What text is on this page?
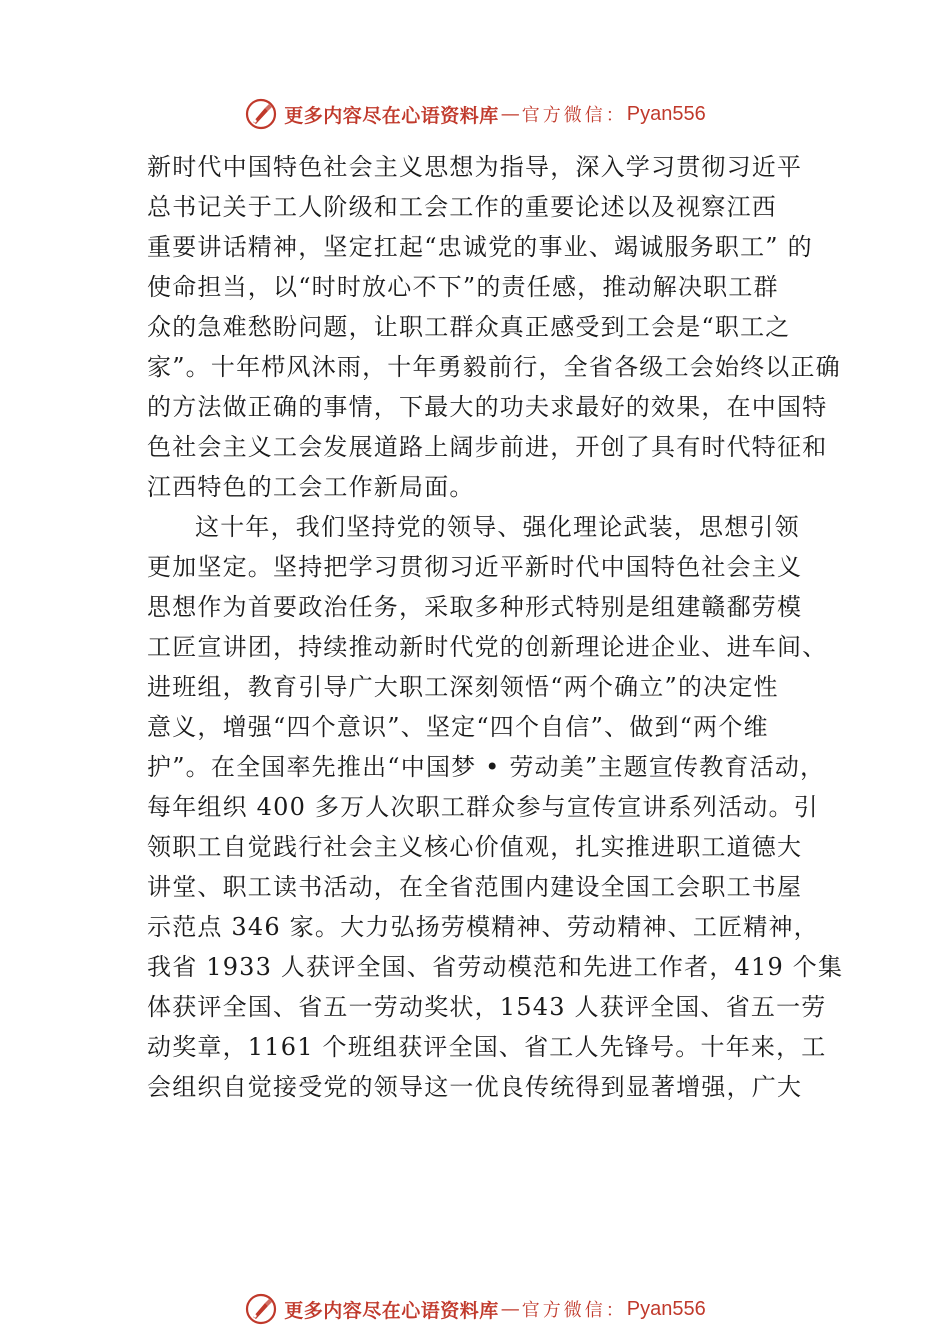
更多内容尽在心语资料库 — 官方微信： Pyan556
新时代中国特色社会主义思想为指导，深入学习贯彻习近平
总书记关于工人阶级和工会工作的重要论述以及视察江西
重要讲话精神，坚定扛起“忠诚党的事业、竭诚服务职工” 的
使命担当，以“时时放心不下”的责任感，推动解决职工群
众的急难愁盼问题，让职工群众真正感受到工会是“职工之
家”。十年栉风沐雨，十年勇毅前行，全省各级工会始终以正确
的方法做正确的事情，下最大的功夫求最好的效果，在中国特
色社会主义工会发展道路上阔步前进，开创了具有时代特征和
江西特色的工会工作新局面。
这十年，我们坚持党的领导、强化理论武装，思想引领
更加坚定。坚持把学习贯彻习近平新时代中国特色社会主义
思想作为首要政治任务，采取多种形式特别是组建赣鄱劳模
工匠宣讲团，持续推动新时代党的创新理论进企业、进车间、
进班组，教育引导广大职工深刻领悟“两个确立”的决定性
意义，增强“四个意识”、坚定“四个自信”、做到“两个维
护”。在全国率先推出“中国梦 • 劳动美”主题宣传教育活动，
每年组织 400 多万人次职工群众参与宣传宣讲系列活动。引
领职工自觉践行社会主义核心价值观，扎实推进职工道德大
讲堂、职工读书活动，在全省范围内建设全国工会职工书屋
示范点 346 家。大力弘扬劳模精神、劳动精神、工匠精神，
我省 1933 人获评全国、省劳动模范和先进工作者，419 个集
体获评全国、省五一劳动奖状，1543 人获评全国、省五一劳
动奖章，1161 个班组获评全国、省工人先锋号。十年来，工
会组织自觉接受党的领导这一优良传统得到显著增强，广大
更多内容尽在心语资料库 — 官方微信： Pyan556
